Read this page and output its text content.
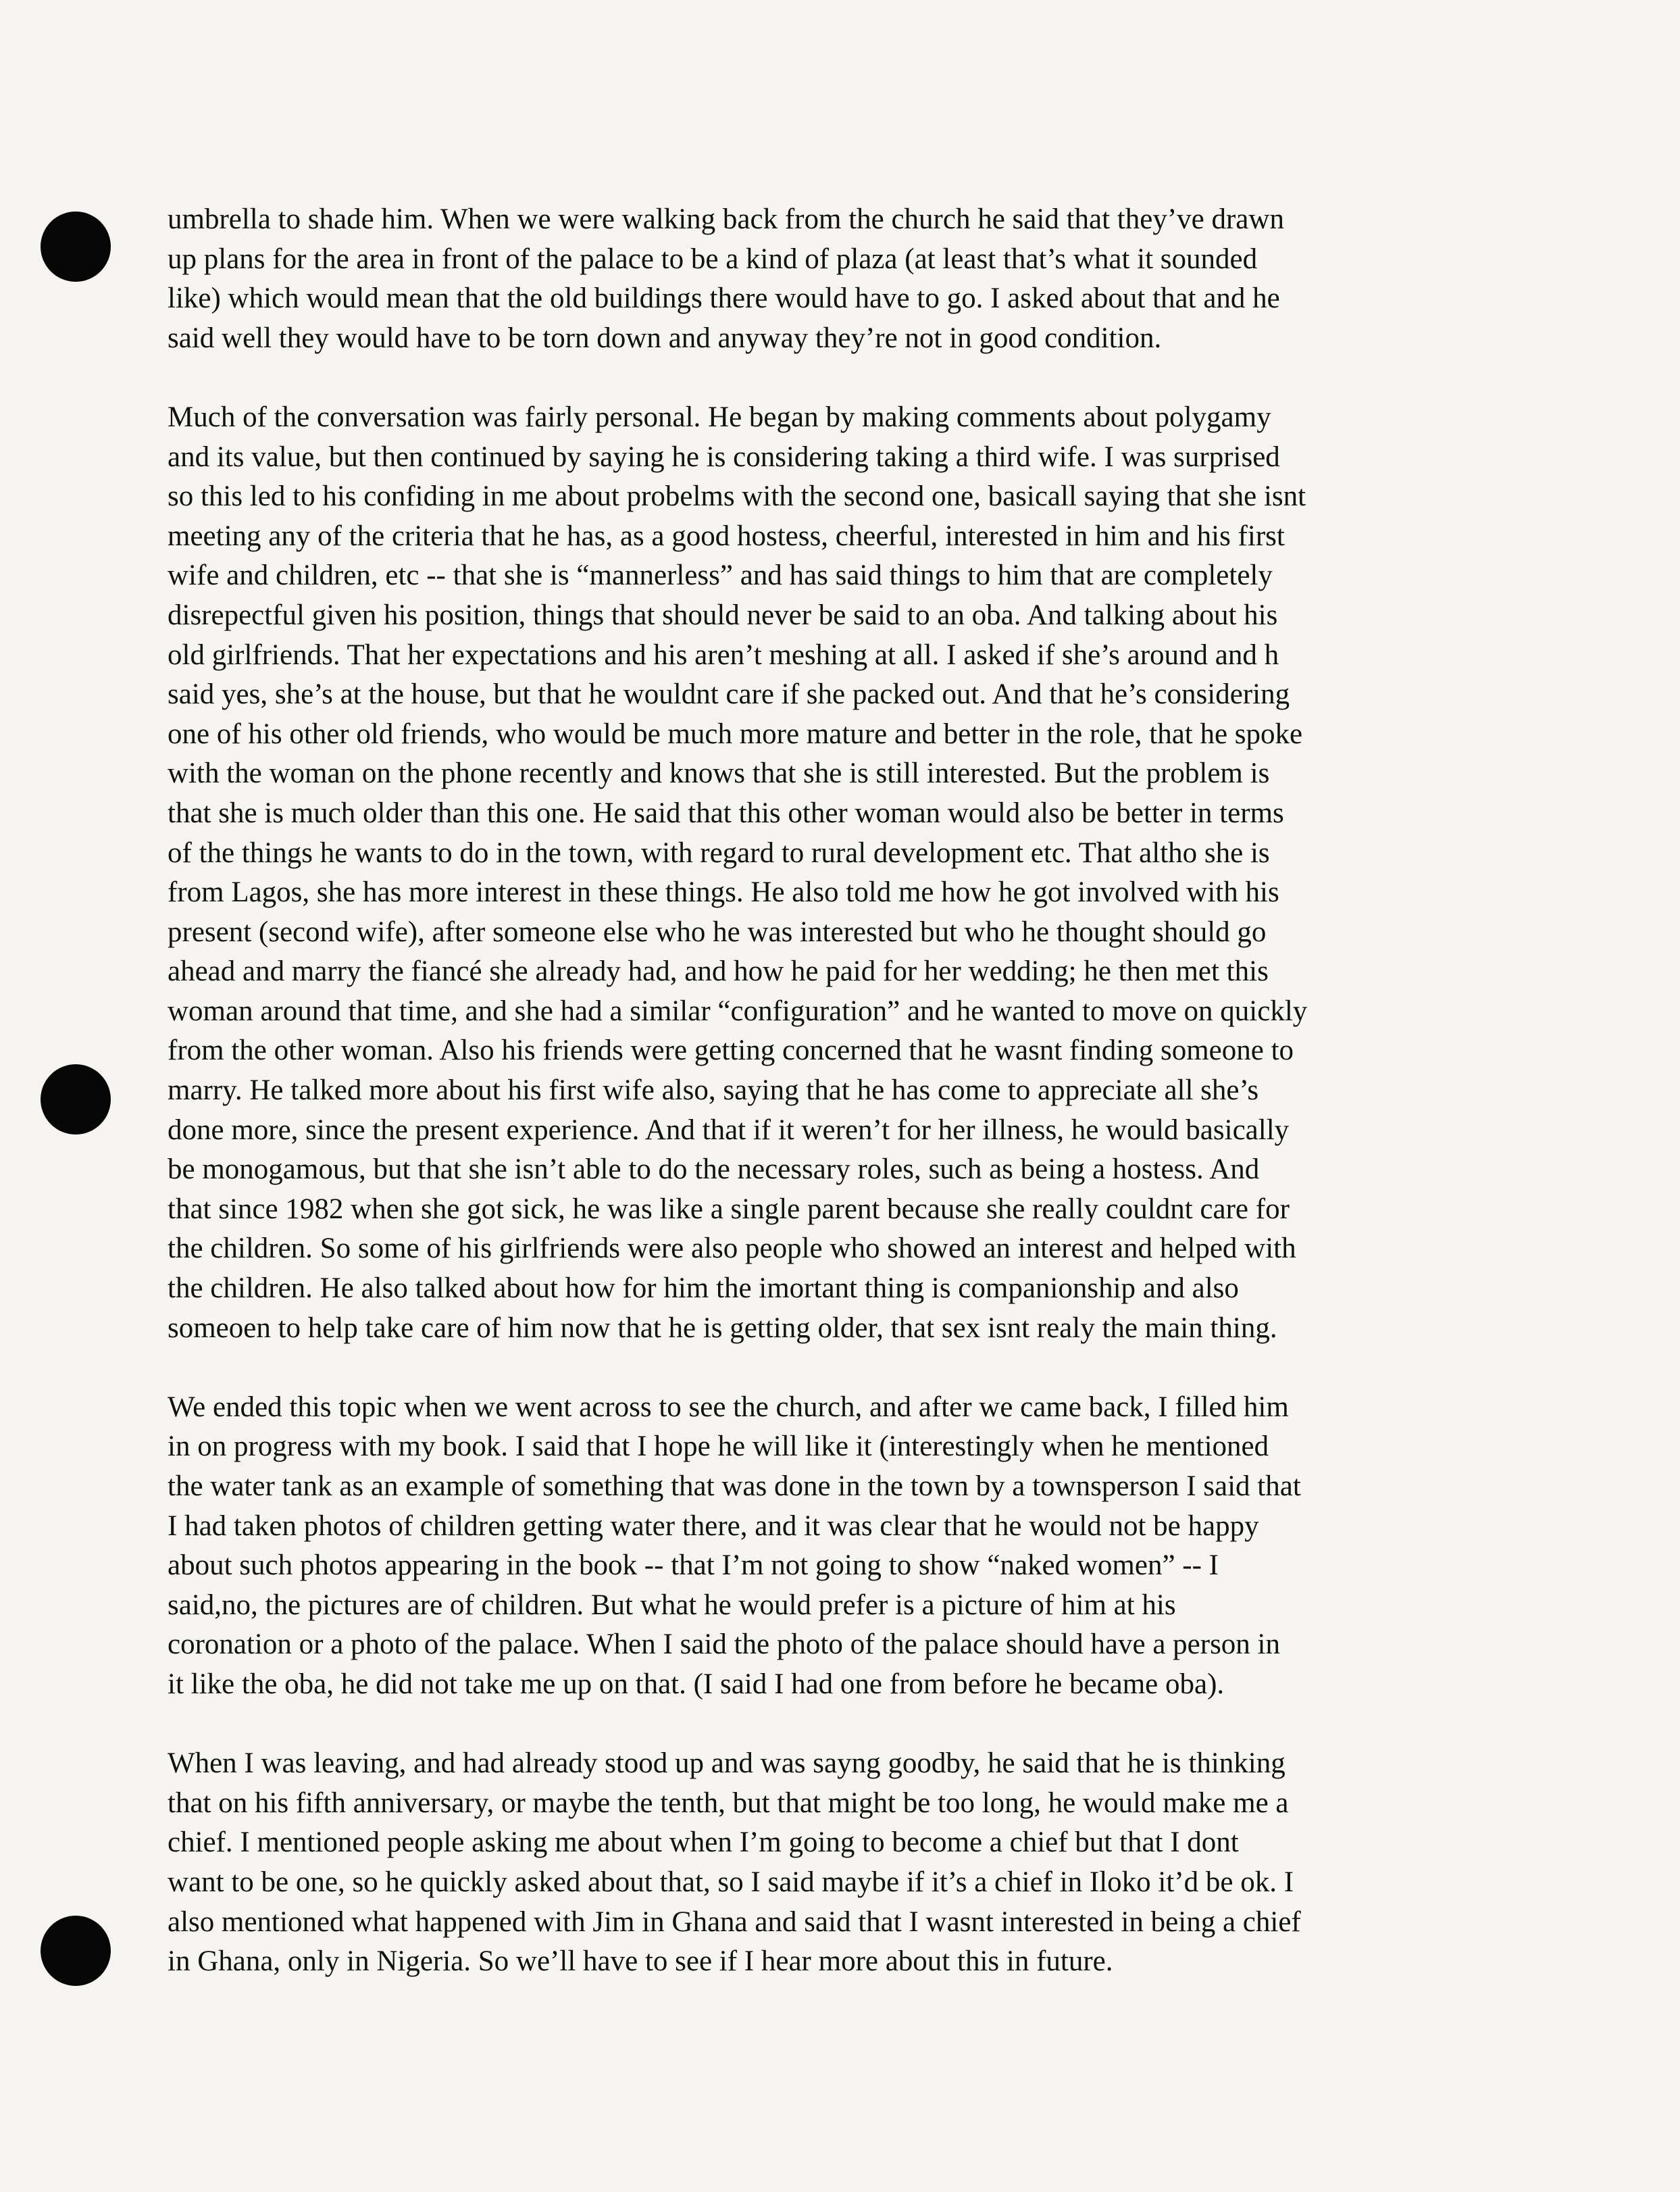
umbrella to shade him. When we were walking back from the church he said that they’ve drawn
up plans for the area in front of the palace to be a kind of plaza (at least that’s what it sounded
like) which would mean that the old buildings there would have to go. I asked about that and he
said well they would have to be torn down and anyway they’re not in good condition.

Much of the conversation was fairly personal. He began by making comments about polygamy
and its value, but then continued by saying he is considering taking a third wife. I was surprised
so this led to his confiding in me about probelms with the second one, basicall saying that she isnt
meeting any of the criteria that he has, as a good hostess, cheerful, interested in him and his first
wife and children, etc -- that she is “mannerless” and has said things to him that are completely
disrepectful given his position, things that should never be said to an oba. And talking about his
old girlfriends. That her expectations and his aren’t meshing at all. I asked if she’s around and h
said yes, she’s at the house, but that he wouldnt care if she packed out. And that he’s considering
one of his other old friends, who would be much more mature and better in the role, that he spoke
with the woman on the phone recently and knows that she is still interested. But the problem is
that she is much older than this one. He said that this other woman would also be better in terms
of the things he wants to do in the town, with regard to rural development etc. That altho she is
from Lagos, she has more interest in these things. He also told me how he got involved with his
present (second wife), after someone else who he was interested but who he thought should go
ahead and marry the fiancé she already had, and how he paid for her wedding; he then met this
woman around that time, and she had a similar “configuration” and he wanted to move on quickly
from the other woman. Also his friends were getting concerned that he wasnt finding someone to
marry. He talked more about his first wife also, saying that he has come to appreciate all she’s
done more, since the present experience. And that if it weren’t for her illness, he would basically
be monogamous, but that she isn’t able to do the necessary roles, such as being a hostess. And
that since 1982 when she got sick, he was like a single parent because she really couldnt care for
the children. So some of his girlfriends were also people who showed an interest and helped with
the children. He also talked about how for him the imortant thing is companionship and also
someoen to help take care of him now that he is getting older, that sex isnt realy the main thing.

We ended this topic when we went across to see the church, and after we came back, I filled him
in on progress with my book. I said that I hope he will like it (interestingly when he mentioned
the water tank as an example of something that was done in the town by a townsperson I said that
I had taken photos of children getting water there, and it was clear that he would not be happy
about such photos appearing in the book -- that I’m not going to show “naked women” -- I
said,no, the pictures are of children. But what he would prefer is a picture of him at his
coronation or a photo of the palace. When I said the photo of the palace should have a person in
it like the oba, he did not take me up on that. (I said I had one from before he became oba).

When I was leaving, and had already stood up and was sayng goodby, he said that he is thinking
that on his fifth anniversary, or maybe the tenth, but that might be too long, he would make me a
chief. I mentioned people asking me about when I’m going to become a chief but that I dont
want to be one, so he quickly asked about that, so I said maybe if it’s a chief in Iloko it’d be ok. I
also mentioned what happened with Jim in Ghana and said that I wasnt interested in being a chief
in Ghana, only in Nigeria. So we’ll have to see if I hear more about this in future.
